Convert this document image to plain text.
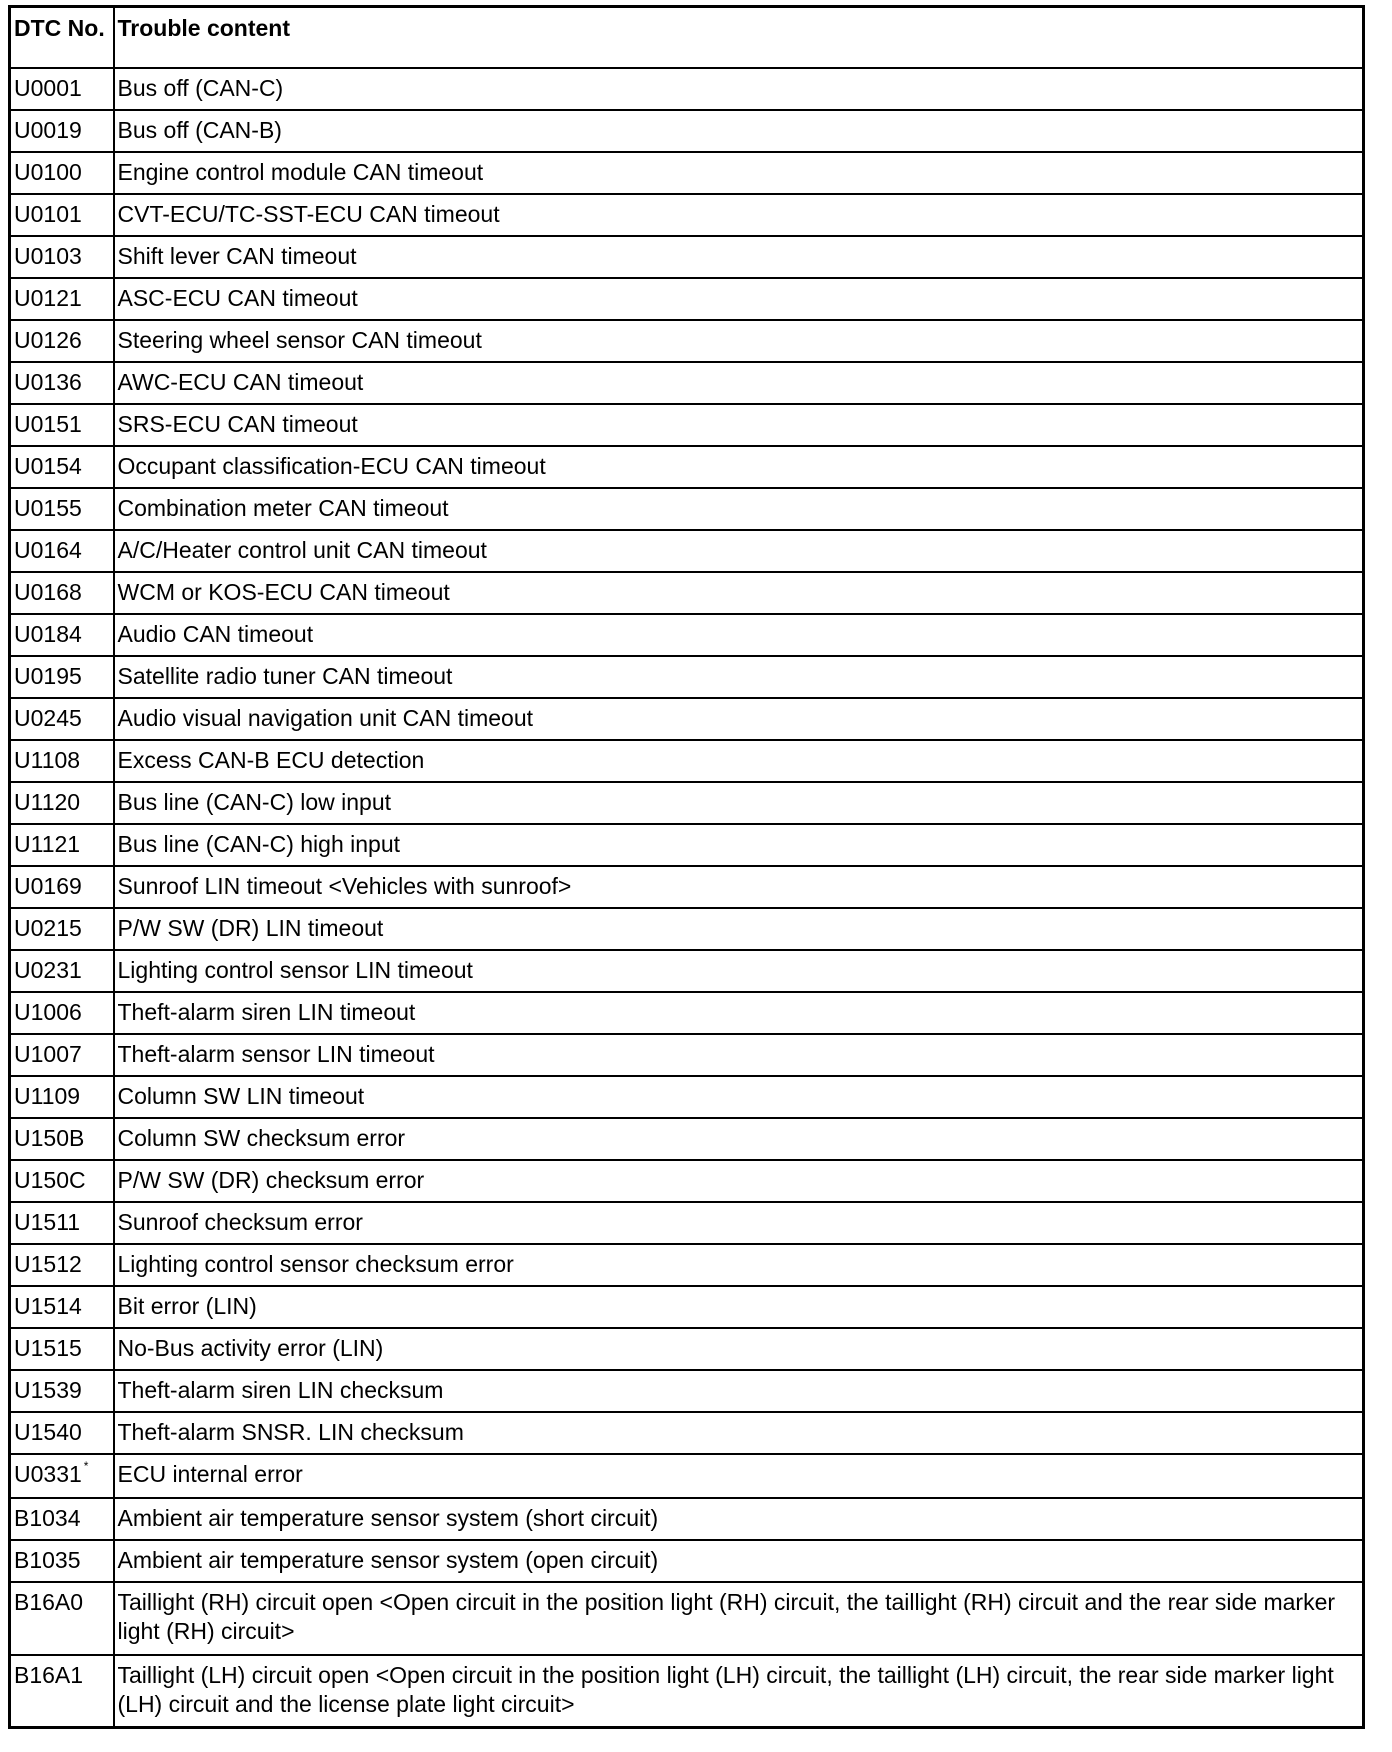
DTC No.	Trouble content
U0001	Bus off (CAN-C)
U0019	Bus off (CAN-B)
U0100	Engine control module CAN timeout
U0101	CVT-ECU/TC-SST-ECU CAN timeout
U0103	Shift lever CAN timeout
U0121	ASC-ECU CAN timeout
U0126	Steering wheel sensor CAN timeout
U0136	AWC-ECU CAN timeout
U0151	SRS-ECU CAN timeout
U0154	Occupant classification-ECU CAN timeout
U0155	Combination meter CAN timeout
U0164	A/C/Heater control unit CAN timeout
U0168	WCM or KOS-ECU CAN timeout
U0184	Audio CAN timeout
U0195	Satellite radio tuner CAN timeout
U0245	Audio visual navigation unit CAN timeout
U1108	Excess CAN-B ECU detection
U1120	Bus line (CAN-C) low input
U1121	Bus line (CAN-C) high input
U0169	Sunroof LIN timeout <Vehicles with sunroof>
U0215	P/W SW (DR) LIN timeout
U0231	Lighting control sensor LIN timeout
U1006	Theft-alarm siren LIN timeout
U1007	Theft-alarm sensor LIN timeout
U1109	Column SW LIN timeout
U150B	Column SW checksum error
U150C	P/W SW (DR) checksum error
U1511	Sunroof checksum error
U1512	Lighting control sensor checksum error
U1514	Bit error (LIN)
U1515	No-Bus activity error (LIN)
U1539	Theft-alarm siren LIN checksum
U1540	Theft-alarm SNSR. LIN checksum
U0331 *	ECU internal error
B1034	Ambient air temperature sensor system (short circuit)
B1035	Ambient air temperature sensor system (open circuit)
B16A0	Taillight (RH) circuit open <Open circuit in the position light (RH) circuit, the taillight (RH) circuit and the rear side marker light (RH) circuit>
B16A1	Taillight (LH) circuit open <Open circuit in the position light (LH) circuit, the taillight (LH) circuit, the rear side marker light (LH) circuit and the license plate light circuit>
